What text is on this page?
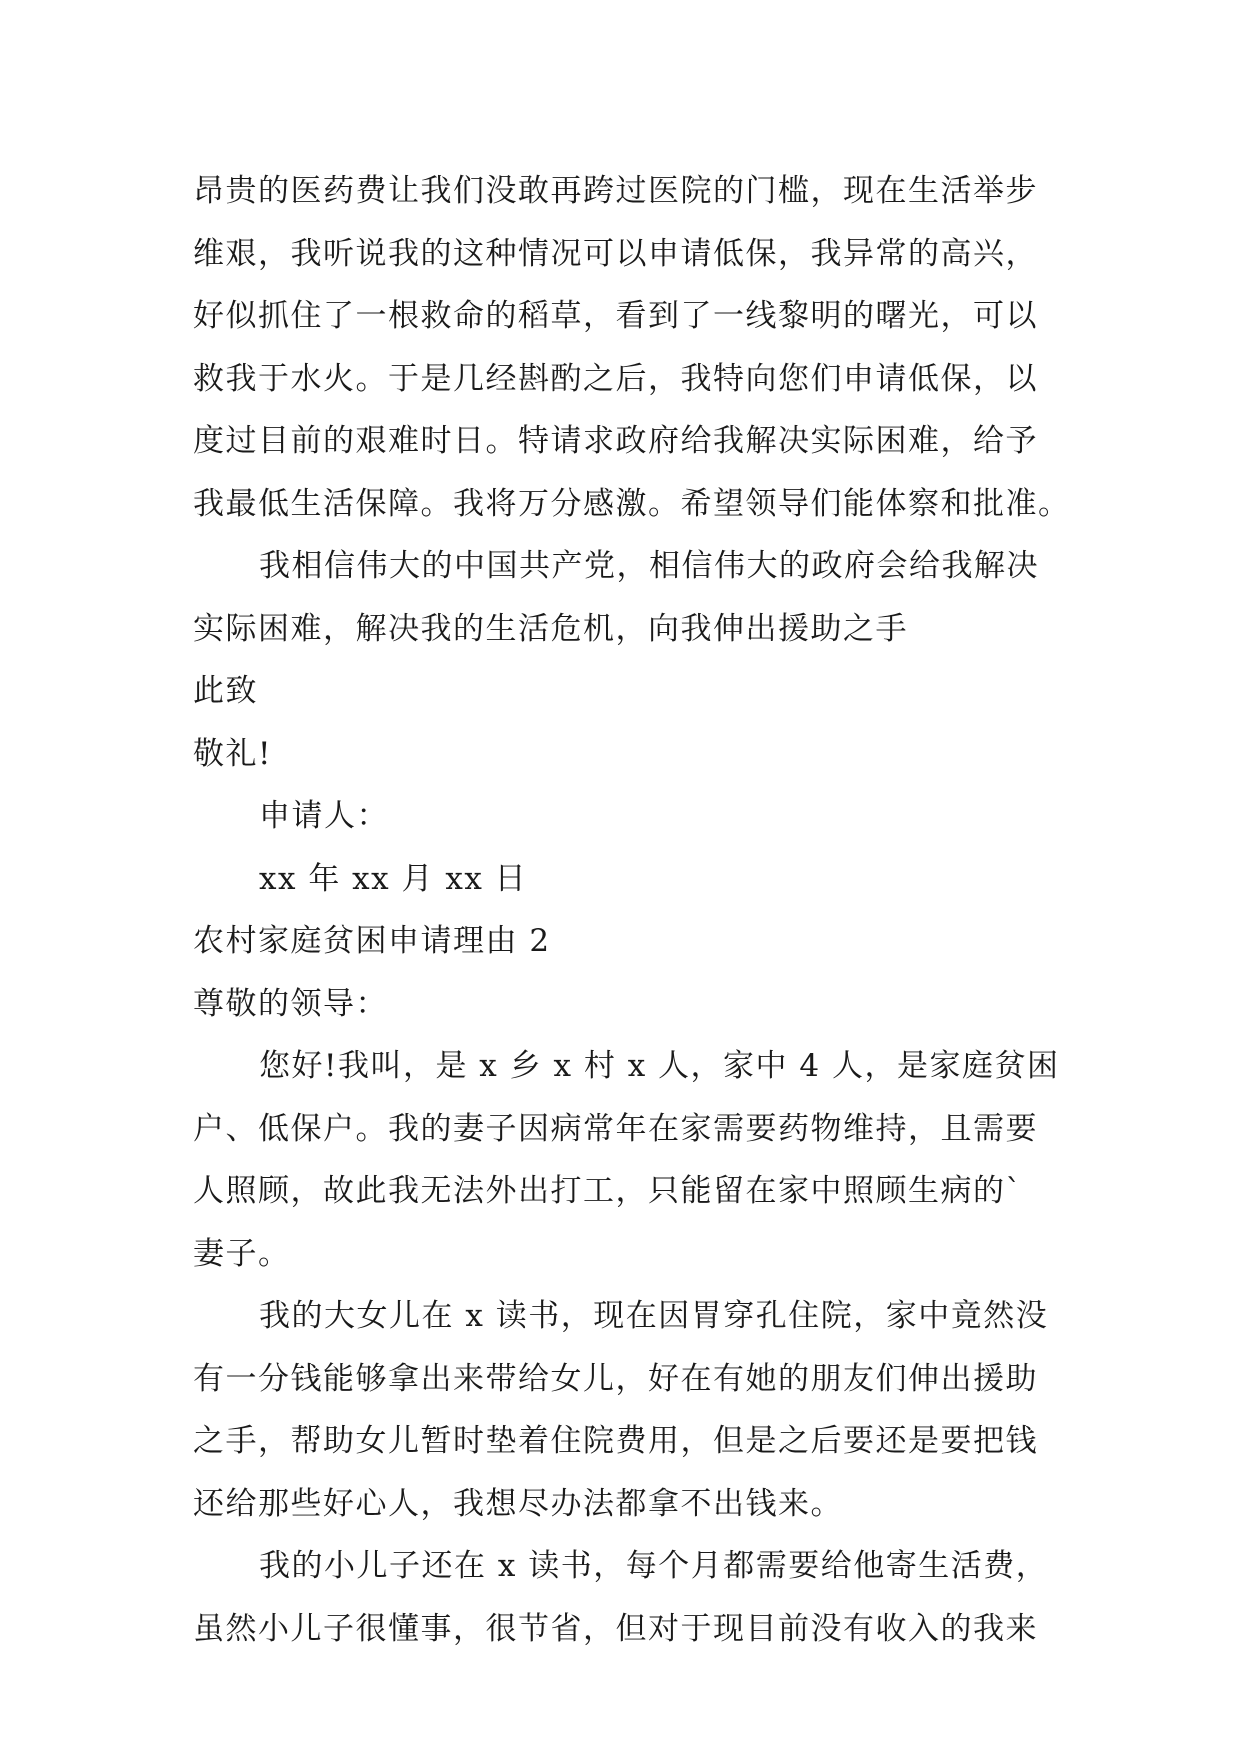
昂贵的医药费让我们没敢再跨过医院的门槛，现在生活举步
维艰，我听说我的这种情况可以申请低保，我异常的高兴，
好似抓住了一根救命的稻草，看到了一线黎明的曙光，可以
救我于水火。于是几经斟酌之后，我特向您们申请低保，以
度过目前的艰难时日。特请求政府给我解决实际困难，给予
我最低生活保障。我将万分感激。希望领导们能体察和批准。
我相信伟大的中国共产党，相信伟大的政府会给我解决
实际困难，解决我的生活危机，向我伸出援助之手
此致
敬礼!
申请人：
xx 年 xx 月 xx 日
农村家庭贫困申请理由 2
尊敬的领导：
您好!我叫，是 x 乡 x 村 x 人，家中 4 人，是家庭贫困
户、低保户。我的妻子因病常年在家需要药物维持，且需要
人照顾，故此我无法外出打工，只能留在家中照顾生病的`
妻子。
我的大女儿在 x 读书，现在因胃穿孔住院，家中竟然没
有一分钱能够拿出来带给女儿，好在有她的朋友们伸出援助
之手，帮助女儿暂时垫着住院费用，但是之后要还是要把钱
还给那些好心人，我想尽办法都拿不出钱来。
我的小儿子还在 x 读书，每个月都需要给他寄生活费，
虽然小儿子很懂事，很节省，但对于现目前没有收入的我来
